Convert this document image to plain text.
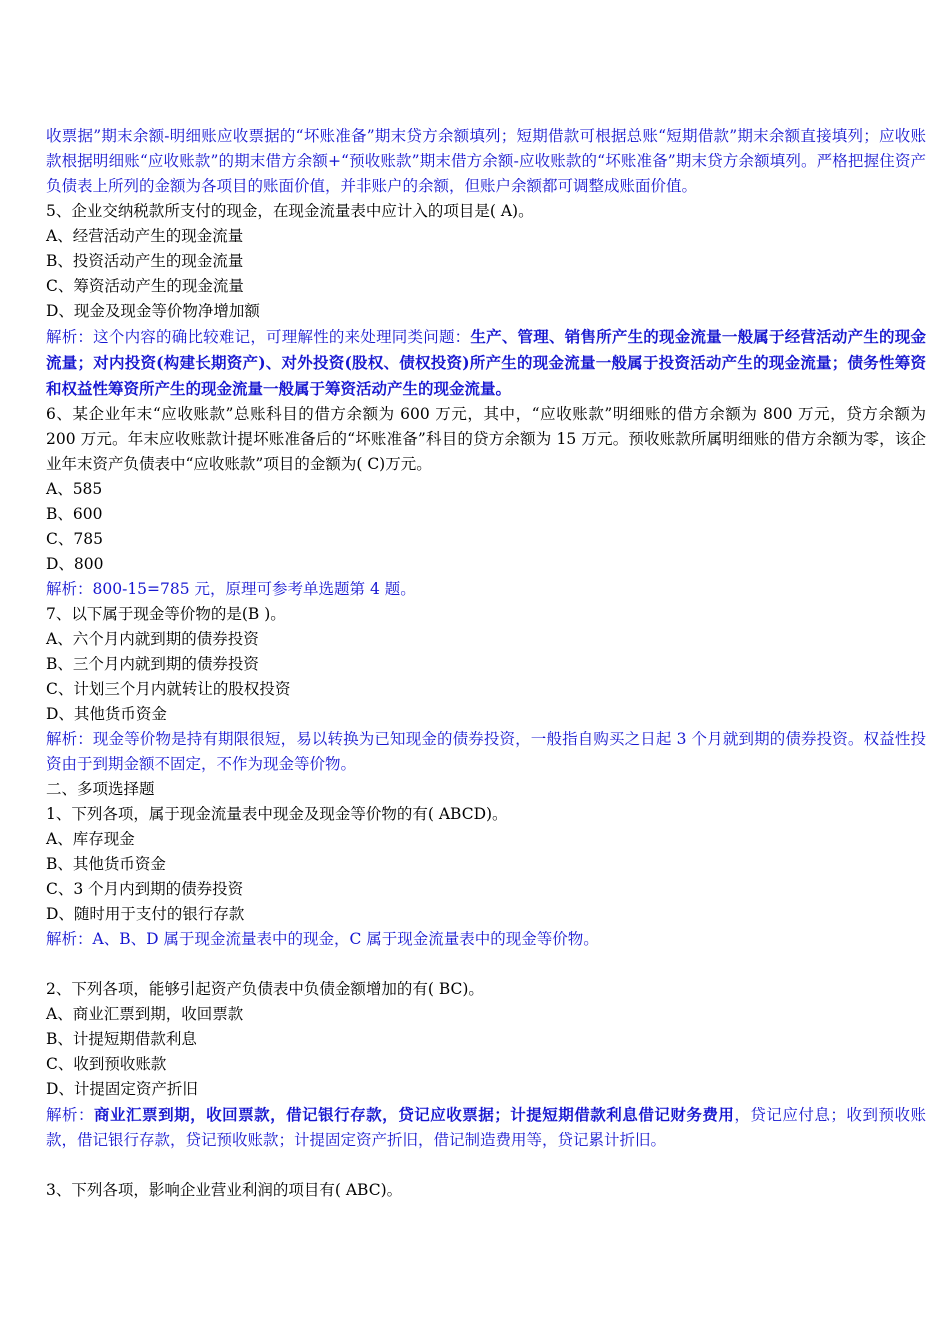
收票据”期末余额-明细账应收票据的“坏账准备”期末贷方余额填列；短期借款可根据总账“短期借款”期末余额直接填列；应收账款根据明细账“应收账款”的期末借方余额+“预收账款”期末借方余额-应收账款的“坏账准备”期末贷方余额填列。严格把握住资产负债表上所列的金额为各项目的账面价值，并非账户的余额，但账户余额都可调整成账面价值。
5、企业交纳税款所支付的现金，在现金流量表中应计入的项目是( A)。
A、经营活动产生的现金流量
B、投资活动产生的现金流量
C、筹资活动产生的现金流量
D、现金及现金等价物净增加额
解析：这个内容的确比较难记，可理解性的来处理同类问题：生产、管理、销售所产生的现金流量一般属于经营活动产生的现金流量；对内投资(构建长期资产)、对外投资(股权、债权投资)所产生的现金流量一般属于投资活动产生的现金流量；债务性筹资和权益性筹资所产生的现金流量一般属于筹资活动产生的现金流量。
6、某企业年末“应收账款”总账科目的借方余额为 600 万元，其中，“应收账款”明细账的借方余额为 800 万元，贷方余额为 200 万元。年末应收账款计提坏账准备后的“坏账准备”科目的贷方余额为 15 万元。预收账款所属明细账的借方余额为零，该企业年末资产负债表中“应收账款”项目的金额为( C)万元。
A、585
B、600
C、785
D、800
解析：800-15=785 元，原理可参考单选题第 4 题。
7、以下属于现金等价物的是(B )。
A、六个月内就到期的债券投资
B、三个月内就到期的债券投资
C、计划三个月内就转让的股权投资
D、其他货币资金
解析：现金等价物是持有期限很短，易以转换为已知现金的债券投资，一般指自购买之日起 3 个月就到期的债券投资。权益性投资由于到期金额不固定，不作为现金等价物。
二、多项选择题
1、下列各项，属于现金流量表中现金及现金等价物的有( ABCD)。
A、库存现金
B、其他货币资金
C、3 个月内到期的债券投资
D、随时用于支付的银行存款
解析：A、B、D 属于现金流量表中的现金，C 属于现金流量表中的现金等价物。
2、下列各项，能够引起资产负债表中负债金额增加的有( BC)。
A、商业汇票到期，收回票款
B、计提短期借款利息
C、收到预收账款
D、计提固定资产折旧
解析：商业汇票到期，收回票款，借记银行存款，贷记应收票据；计提短期借款利息借记财务费用，贷记应付息；收到预收账款，借记银行存款，贷记预收账款；计提固定资产折旧，借记制造费用等，贷记累计折旧。
3、下列各项，影响企业营业利润的项目有( ABC)。
